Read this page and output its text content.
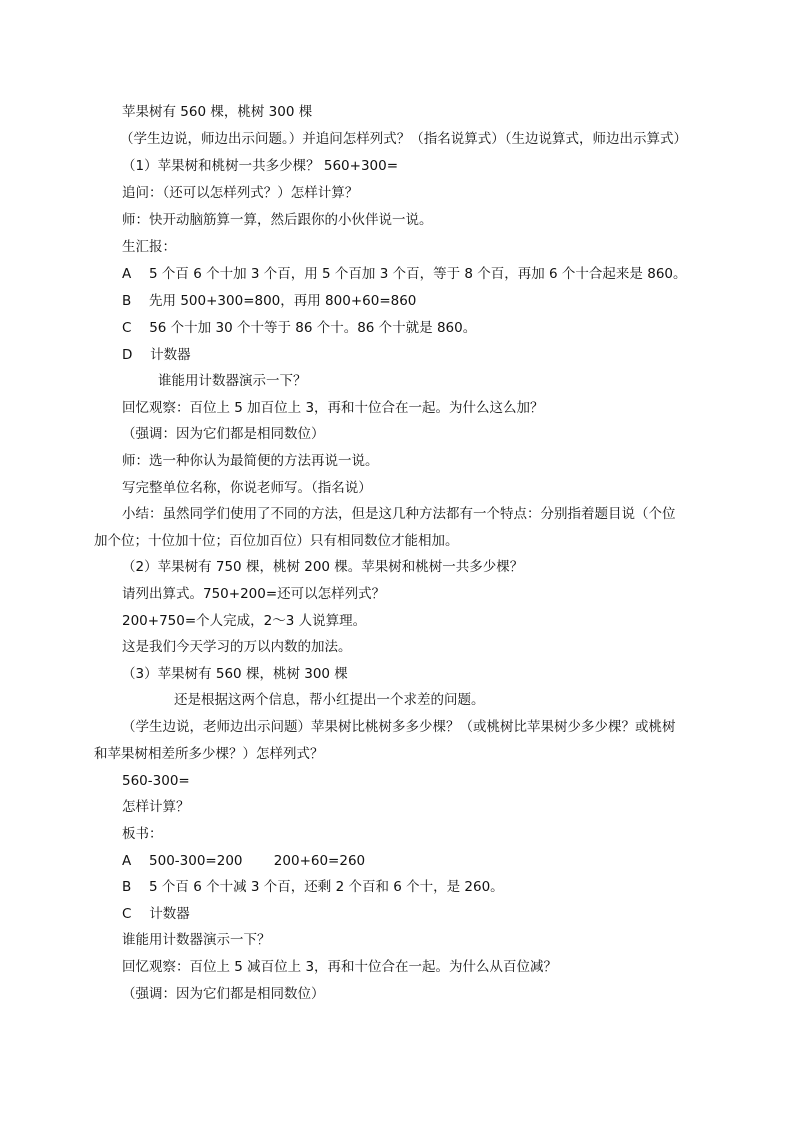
苹果树有 560 棵，桃树 300 棵
（学生边说，师边出示问题。）并追问怎样列式？（指名说算式）（生边说算式，师边出示算式）
（1）苹果树和桃树一共多少棵？ 560+300=
追问：（还可以怎样列式？）怎样计算？
师：快开动脑筋算一算，然后跟你的小伙伴说一说。
生汇报：
A　 5 个百 6 个十加 3 个百，用 5 个百加 3 个百，等于 8 个百，再加 6 个十合起来是 860。
B　 先用 500+300=800，再用 800+60=860
C　 56 个十加 30 个十等于 86 个十。86 个十就是 860。
D　 计数器
谁能用计数器演示一下？
回忆观察：百位上 5 加百位上 3，再和十位合在一起。为什么这么加？
（强调：因为它们都是相同数位）
师：选一种你认为最简便的方法再说一说。
写完整单位名称，你说老师写。（指名说）
小结：虽然同学们使用了不同的方法，但是这几种方法都有一个特点：分别指着题目说（个位
加个位；十位加十位；百位加百位）只有相同数位才能相加。
（2）苹果树有 750 棵，桃树 200 棵。苹果树和桃树一共多少棵？
请列出算式。750+200=还可以怎样列式？
200+750=个人完成，2～3 人说算理。
这是我们今天学习的万以内数的加法。
（3）苹果树有 560 棵，桃树 300 棵
还是根据这两个信息，帮小红提出一个求差的问题。
（学生边说，老师边出示问题）苹果树比桃树多多少棵？（或桃树比苹果树少多少棵？或桃树
和苹果树相差所多少棵？）怎样列式？
560-300=
怎样计算？
板书：
A　 500-300=200　　 200+60=260
B　 5 个百 6 个十减 3 个百，还剩 2 个百和 6 个十，是 260。
C　 计数器
谁能用计数器演示一下？
回忆观察：百位上 5 减百位上 3，再和十位合在一起。为什么从百位减？
（强调：因为它们都是相同数位）
